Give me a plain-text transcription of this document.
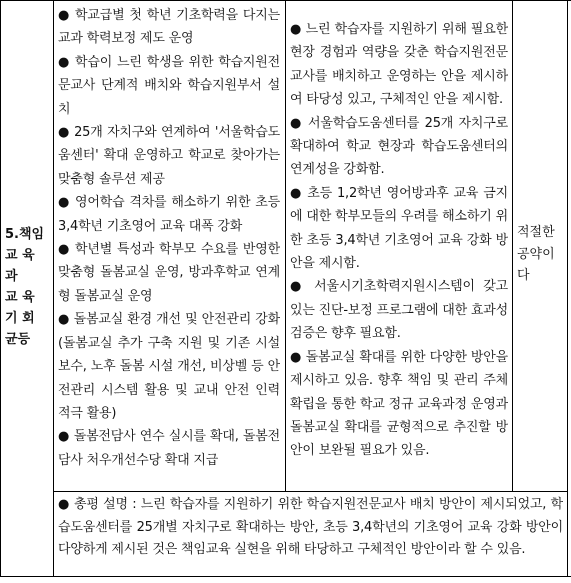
5.책임
교 육
과
교 육
기 회
균등

● 학교급별 첫 학년 기초학력을 다지는 교과 학력보정 제도 운영

● 학습이 느린 학생을 위한 학습지원전문교사 단계적 배치와 학습지원부서 설치

● 25개 자치구와 연계하여 '서울학습도움센터' 확대 운영하고 학교로 찾아가는 맞춤형 솔루션 제공

● 영어학습 격차를 해소하기 위한 초등 3,4학년 기초영어 교육 대폭 강화

● 학년별 특성과 학부모 수요를 반영한 맞춤형 돌봄교실 운영, 방과후학교 연계형 돌봄교실 운영

● 돌봄교실 환경 개선 및 안전관리 강화(돌봄교실 추가 구축 지원 및 기존 시설 보수, 노후 돌봄 시설 개선, 비상벨 등 안전관리 시스템 활용 및 교내 안전 인력 적극 활용)

● 돌봄전담사 연수 실시를 확대, 돌봄전담사 처우개선수당 확대 지급

● 느린 학습자를 지원하기 위해 필요한 현장 경험과 역량을 갖춘 학습지원전문교사를 배치하고 운영하는 안을 제시하여 타당성 있고, 구체적인 안을 제시함.

● 서울학습도움센터를 25개 자치구로 확대하여 학교 현장과 학습도움센터의 연계성을 강화함.

● 초등 1,2학년 영어방과후 교육 금지에 대한 학부모들의 우려를 해소하기 위한 초등 3,4학년 기초영어 교육 강화 방안을 제시함.

● 서울시기초학력지원시스템이 갖고 있는 진단-보정 프로그램에 대한 효과성 검증은 향후 필요함.

● 돌봄교실 확대를 위한 다양한 방안을 제시하고 있음. 향후 책임 및 관리 주체 확립을 통한 학교 정규 교육과정 운영과 돌봄교실 확대를 균형적으로 추진할 방안이 보완될 필요가 있음.

적절한 공약이다
● 총평 설명 : 느린 학습자를 지원하기 위한 학습지원전문교사 배치 방안이 제시되었고, 학습도움센터를 25개별 자치구로 확대하는 방안, 초등 3,4학년의 기초영어 교육 강화 방안이 다양하게 제시된 것은 책임교육 실현을 위해 타당하고 구체적인 방안이라 할 수 있음.
